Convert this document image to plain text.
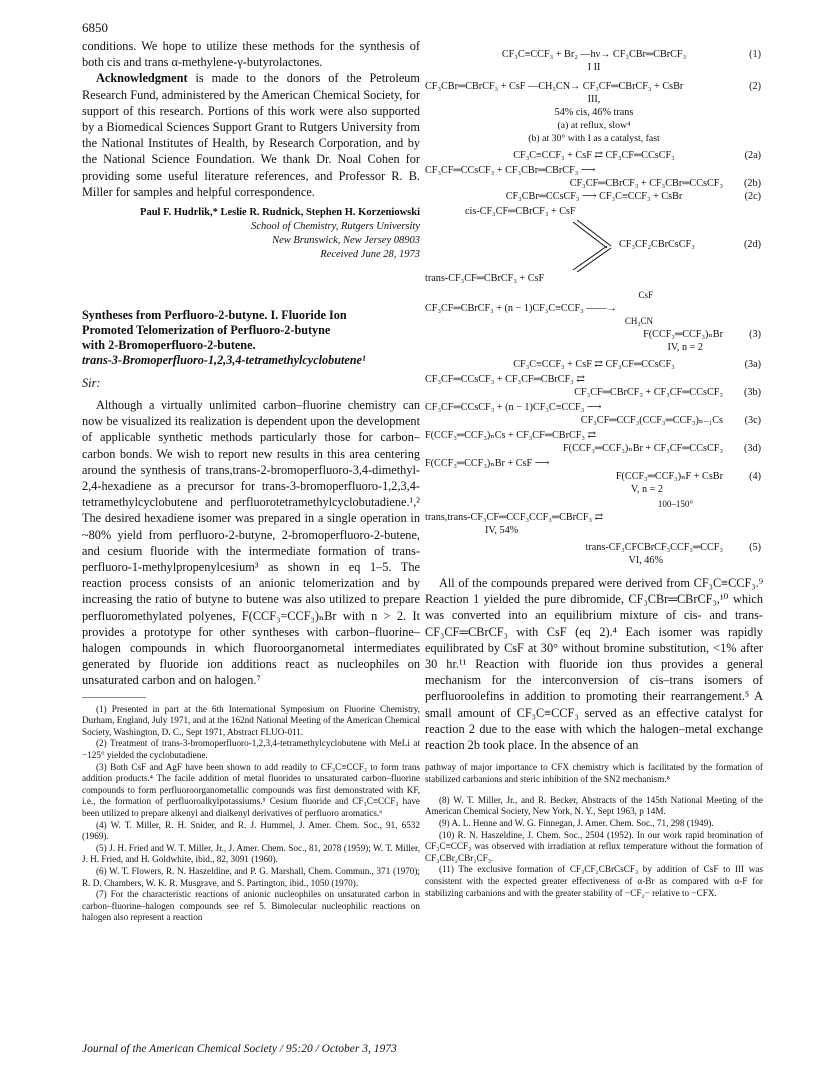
6850

conditions. We hope to utilize these methods for the synthesis of both cis and trans α-methylene-γ-butyrolactones.

Acknowledgment is made to the donors of the Petroleum Research Fund, administered by the American Chemical Society, for support of this research. Portions of this work were also supported by a Biomedical Sciences Support Grant to Rutgers University from the National Institutes of Health, by Research Corporation, and by the National Science Foundation. We thank Dr. Noal Cohen for providing some useful literature references, and Professor R. B. Miller for samples and helpful correspondence.

Paul F. Hudrlik,* Leslie R. Rudnick, Stephen H. Korzeniowski
School of Chemistry, Rutgers University
New Brunswick, New Jersey 08903
Received June 28, 1973
Syntheses from Perfluoro-2-butyne. I. Fluoride Ion
Promoted Telomerization of Perfluoro-2-butyne
with 2-Bromoperfluoro-2-butene.
trans-3-Bromoperfluoro-1,2,3,4-tetramethylcyclobutene¹
Sir:

Although a virtually unlimited carbon–fluorine chemistry can now be visualized its realization is dependent upon the development of applicable synthetic methods particularly those for carbon–carbon bonds. We wish to report new results in this area centering around the synthesis of trans,trans-2-bromoperfluoro-3,4-dimethyl-2,4-hexadiene as a precursor for trans-3-bromoperfluoro-1,2,3,4-tetramethylcyclobutene and perfluorotetramethylcyclobutadiene.¹,² The desired hexadiene isomer was prepared in a single operation in ~80% yield from perfluoro-2-butyne, 2-bromoperfluoro-2-butene, and cesium fluoride with the intermediate formation of trans-perfluoro-1-methylpropenylcesium³ as shown in eq 1–5. The reaction process consists of an anionic telomerization and by increasing the ratio of butyne to butene was also utilized to prepare perfluoromethylated polyenes, F(CCF₃=CCF₃)ₙBr with n > 2. It provides a prototype for other syntheses with carbon–fluorine–halogen compounds in which fluoroorganometal intermediates generated by fluoride ion additions react as nucleophiles on unsaturated carbon and on halogen.⁷

(1) Presented in part at the 6th International Symposium on Fluorine Chemistry, Durham, England, July 1971, and at the 162nd National Meeting of the American Chemical Society, Washington, D. C., Sept 1971, Abstract FLUO-011.

(2) Treatment of trans-3-bromoperfluoro-1,2,3,4-tetramethylcyclobutene with MeLi at −125° yielded the cyclobutadiene.

(3) Both CsF and AgF have been shown to add readily to CF₃C≡CCF₃ to form trans addition products.⁴ The facile addition of metal fluorides to unsaturated carbon–fluorine compounds to form perfluoroorganometallic compounds was first demonstrated with KF, i.e., the formation of perfluoroalkylpotassiums.⁵ Cesium fluoride and CF₃C≡CCF₃ have been utilized to prepare alkenyl and dialkenyl derivatives of perfluoro aromatics.⁶

(4) W. T. Miller, R. H. Snider, and R. J. Hummel, J. Amer. Chem. Soc., 91, 6532 (1969).

(5) J. H. Fried and W. T. Miller, Jr., J. Amer. Chem. Soc., 81, 2078 (1959); W. T. Miller, J. H. Fried, and H. Goldwhite, ibid., 82, 3091 (1960).

(6) W. T. Flowers, R. N. Haszeldine, and P. G. Marshall, Chem. Commun., 371 (1970); R. D. Chambers, W. K. R. Musgrave, and S. Partington, ibid., 1050 (1970).

(7) For the characteristic reactions of anionic nucleophiles on unsaturated carbon in carbon–fluorine–halogen compounds see ref 5. Bimolecular nucleophilic reactions on halogen also represent a reaction

CF₃C≡CCF₃ + Br₂ ―hν→ CF₃CBr═CBrCF₃	(1)
I II
CF₃CBr═CBrCF₃ + CsF ―CH₃CN→ CF₃CF═CBrCF₃ + CsBr	(2)
III,
54% cis, 46% trans
(a) at reflux, slow⁴
(b) at 30° with I as a catalyst, fast
CF₃C≡CCF₃ + CsF ⇄ CF₃CF═CCsCF₃	(2a)
CF₃CF═CCsCF₃ + CF₃CBr═CBrCF₃ ⟶
CF₃CF═CBrCF₃ + CF₃CBr═CCsCF₃ (2b)
CF₃CBr═CCsCF₃ ⟶ CF₃C≡CCF₃ + CsBr	(2c)
cis-CF₃CF═CBrCF₃ + CsF
CF₃CF₂CBrCsCF₃	(2d)
trans-CF₃CF═CBrCF₃ + CsF
CsF
CF₃CF═CBrCF₃ + (n − 1)CF₃C≡CCF₃ ――→
CH₃CN
F(CCF₃═CCF₃)ₙBr	(3)
IV, n = 2
CF₃C≡CCF₃ + CsF ⇄ CF₃CF═CCsCF₃	(3a)
CF₃CF═CCsCF₃ + CF₃CF═CBrCF₃ ⇄
CF₃CF═CBrCF₃ + CF₃CF═CCsCF₃ (3b)
CF₃CF═CCsCF₃ + (n − 1)CF₃C≡CCF₃ ⟶
CF₃CF═CCF₃(CCF₃═CCF₃)ₙ₋₁Cs (3c)
F(CCF₃═CCF₃)ₙCs + CF₃CF═CBrCF₃ ⇄
F(CCF₃═CCF₃)ₙBr + CF₃CF═CCsCF₃ (3d)
F(CCF₃═CCF₃)ₙBr + CsF ⟶
F(CCF₃═CCF₃)ₙF + CsBr	(4)
V, n = 2
100–150°
trans,trans-CF₃CF═CCF₃CCF₃═CBrCF₃ ⇄
IV, 54%
trans-CF₃CFCBrCF₃CCF₃═CCF₃	(5)
VI, 46%

All of the compounds prepared were derived from CF₃C≡CCF₃.⁹ Reaction 1 yielded the pure dibromide, CF₃CBr═CBrCF₃,¹⁰ which was converted into an equilibrium mixture of cis- and trans-CF₃CF═CBrCF₃ with CsF (eq 2).⁴ Each isomer was rapidly equilibrated by CsF at 30° without bromine substitution, <1% after 30 hr.¹¹ Reaction with fluoride ion thus provides a general mechanism for the interconversion of cis–trans isomers of perfluoroolefins in addition to promoting their rearrangement.⁵ A small amount of CF₃C≡CCF₃ served as an effective catalyst for reaction 2 due to the ease with which the halogen–metal exchange reaction 2b took place. In the absence of an

pathway of major importance to CFX chemistry which is facilitated by the formation of stabilized carbanions and steric inhibition of the SN2 mechanism.⁸

(8) W. T. Miller, Jr., and R. Becker, Abstracts of the 145th National Meeting of the American Chemical Society, New York, N. Y., Sept 1963, p 14M.

(9) A. L. Henne and W. G. Finnegan, J. Amer. Chem. Soc., 71, 298 (1949).

(10) R. N. Haszeldine, J. Chem. Soc., 2504 (1952). In our work rapid bromination of CF₃C≡CCF₃ was observed with irradiation at reflux temperature without the formation of CF₃CBr₂CBr₂CF₃.

(11) The exclusive formation of CF₃CF₂CBrCsCF₃ by addition of CsF to III was consistent with the expected greater effectiveness of α-Br as compared with α-F for stabilizing carbanions and with the greater stability of −CF₂− relative to −CFX.

Journal of the American Chemical Society / 95:20 / October 3, 1973
